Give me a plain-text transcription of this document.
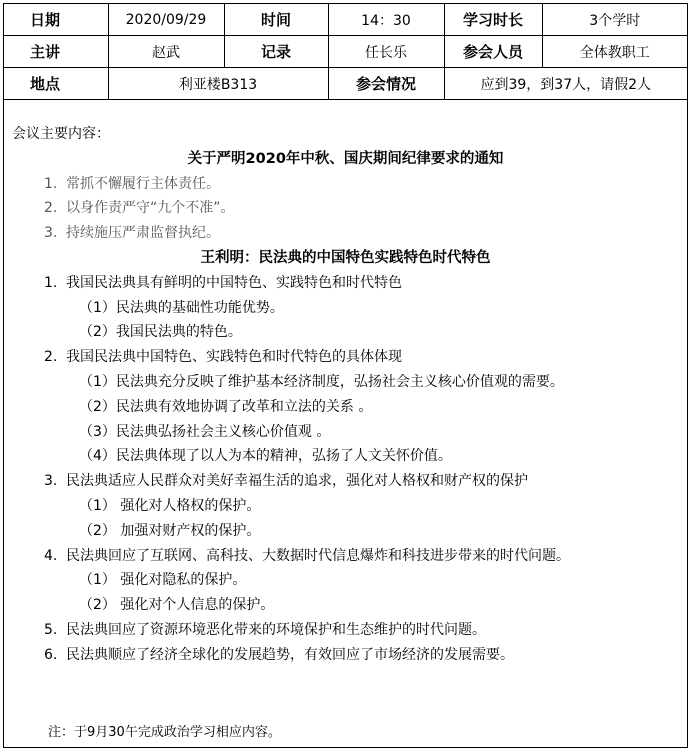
日期	2020/09/29	时间	14：30	学习时长	3个学时
主讲	赵武	记录	任长乐	参会人员	全体教职工
地点	利亚楼B313		参会情况	应到39，到37人，请假2人	
会议主要内容：
关于严明2020年中秋、国庆期间纪律要求的通知
1. 常抓不懈履行主体责任。
2. 以身作责严守“九个不准”。
3. 持续施压严肃监督执纪。
王利明：民法典的中国特色实践特色时代特色
1. 我国民法典具有鲜明的中国特色、实践特色和时代特色
（1）民法典的基础性功能优势。
（2）我国民法典的特色。
2. 我国民法典中国特色、实践特色和时代特色的具体体现
（1）民法典充分反映了维护基本经济制度，弘扬社会主义核心价值观的需要。
（2）民法典有效地协调了改革和立法的关系 。
（3）民法典弘扬社会主义核心价值观 。
（4）民法典体现了以人为本的精神，弘扬了人文关怀价值。
3. 民法典适应人民群众对美好幸福生活的追求，强化对人格权和财产权的保护
（1） 强化对人格权的保护。
（2） 加强对财产权的保护。
4. 民法典回应了互联网、高科技、大数据时代信息爆炸和科技进步带来的时代问题。
（1） 强化对隐私的保护。
（2） 强化对个人信息的保护。
5. 民法典回应了资源环境恶化带来的环境保护和生态维护的时代问题。
6. 民法典顺应了经济全球化的发展趋势，有效回应了市场经济的发展需要。
注：于9月30午完成政治学习相应内容。
